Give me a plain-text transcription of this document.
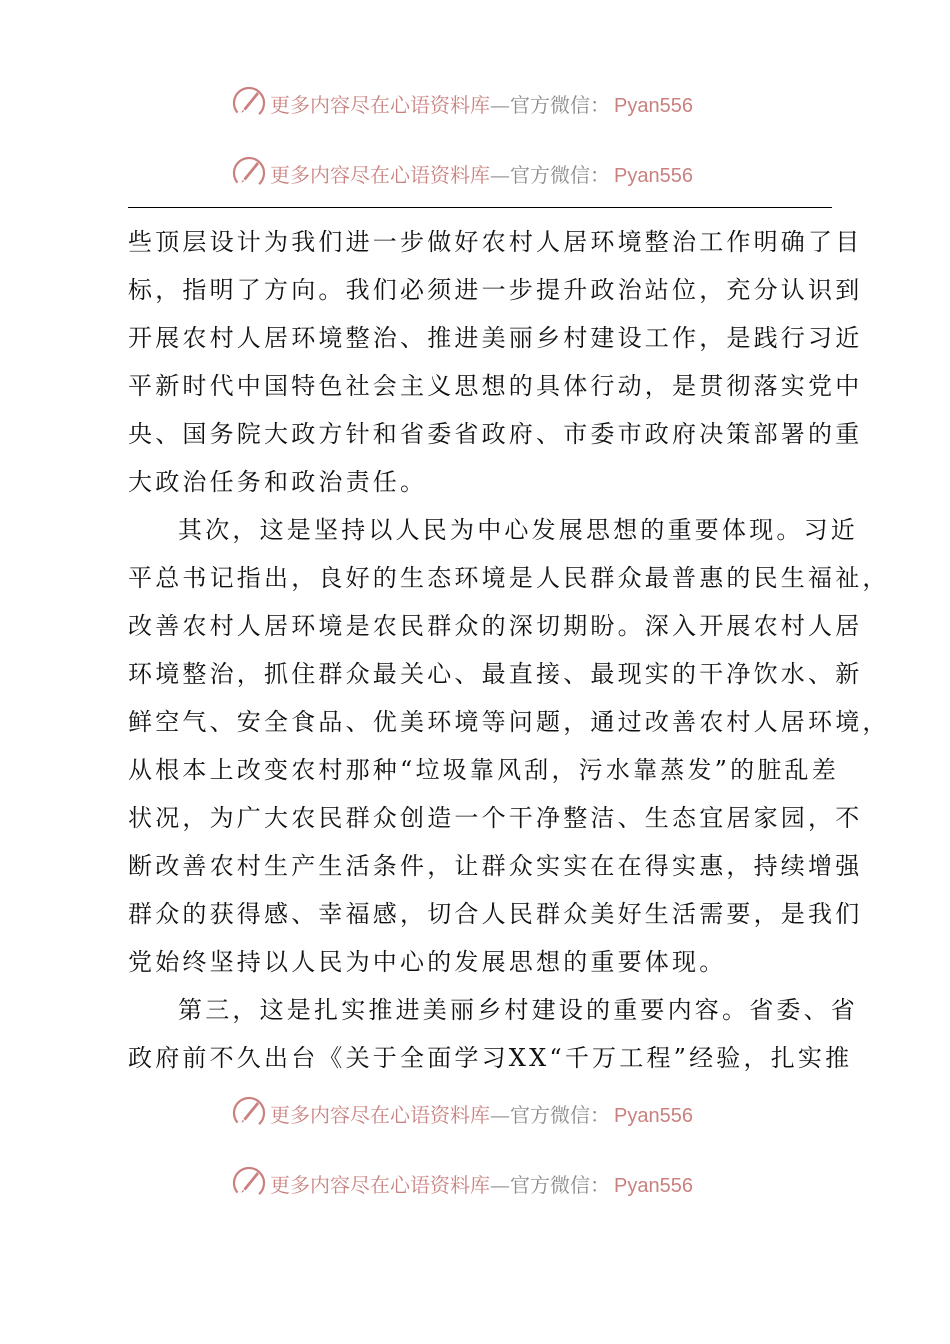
更多内容尽在心语资料库—官方微信： Pyan556
更多内容尽在心语资料库—官方微信： Pyan556
些顶层设计为我们进一步做好农村人居环境整治工作明确了目
标，指明了方向。我们必须进一步提升政治站位，充分认识到
开展农村人居环境整治、推进美丽乡村建设工作，是践行习近
平新时代中国特色社会主义思想的具体行动，是贯彻落实党中
央、国务院大政方针和省委省政府、市委市政府决策部署的重
大政治任务和政治责任。
其次，这是坚持以人民为中心发展思想的重要体现。习近
平总书记指出，良好的生态环境是人民群众最普惠的民生福祉，
改善农村人居环境是农民群众的深切期盼。深入开展农村人居
环境整治，抓住群众最关心、最直接、最现实的干净饮水、新
鲜空气、安全食品、优美环境等问题，通过改善农村人居环境，
从根本上改变农村那种“垃圾靠风刮，污水靠蒸发”的脏乱差
状况，为广大农民群众创造一个干净整洁、生态宜居家园，不
断改善农村生产生活条件，让群众实实在在得实惠，持续增强
群众的获得感、幸福感，切合人民群众美好生活需要，是我们
党始终坚持以人民为中心的发展思想的重要体现。
第三，这是扎实推进美丽乡村建设的重要内容。省委、省
政府前不久出台《关于全面学习XX“千万工程”经验，扎实推
更多内容尽在心语资料库—官方微信： Pyan556
更多内容尽在心语资料库—官方微信： Pyan556
